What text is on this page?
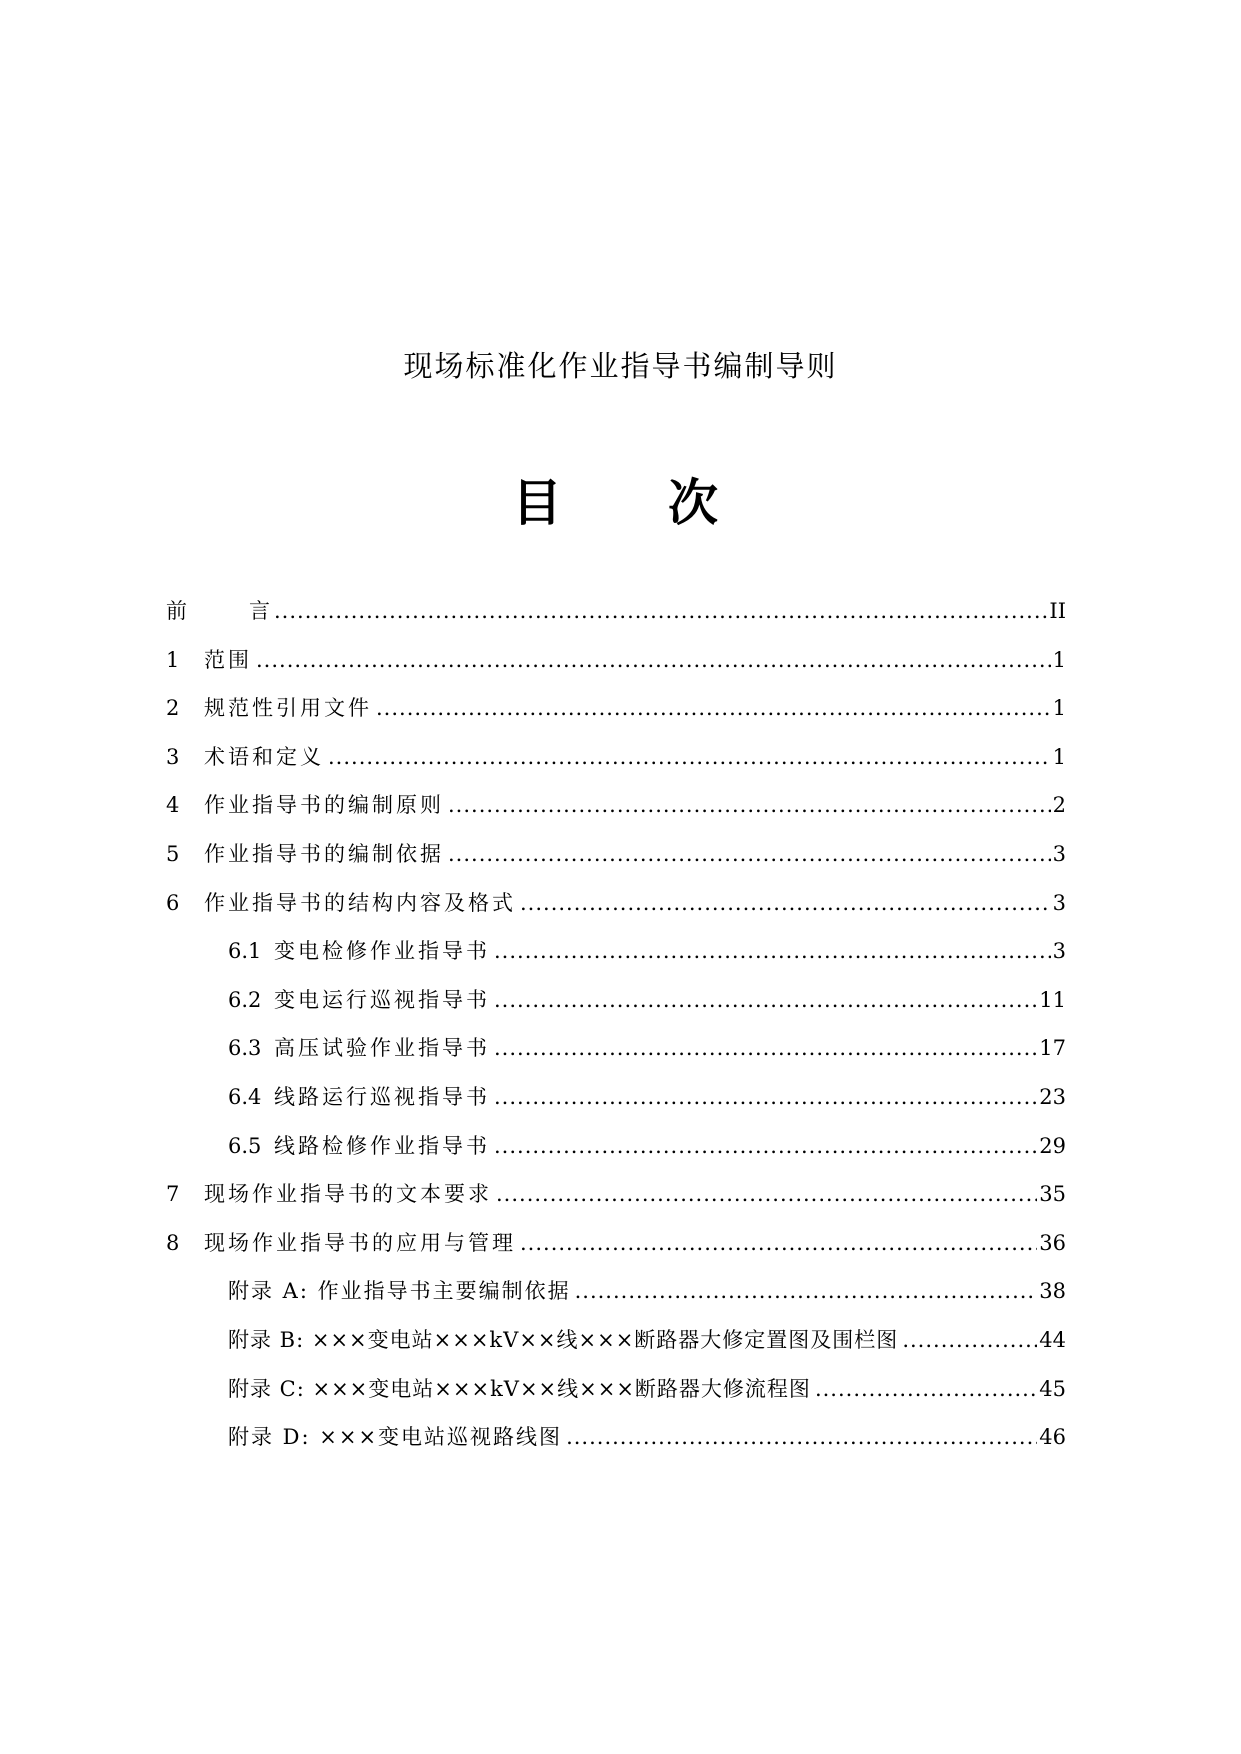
现场标准化作业指导书编制导则
目 次
前	言 .....	II
1	范围 .....	1
2	规范性引用文件 .....	1
3	术语和定义 .....	1
4	作业指导书的编制原则 .....	2
5	作业指导书的编制依据 .....	3
6	作业指导书的结构内容及格式 .....	3
6.1 变电检修作业指导书 .....	3
6.2 变电运行巡视指导书 .....	11
6.3 高压试验作业指导书 .....	17
6.4 线路运行巡视指导书 .....	23
6.5 线路检修作业指导书 .....	29
7	现场作业指导书的文本要求 .....	35
8	现场作业指导书的应用与管理 .....	36
附录 A: 作业指导书主要编制依据 .....	38
附录 B: ×××变电站×××kV××线×××断路器大修定置图及围栏图 .....	44
附录 C: ×××变电站×××kV××线×××断路器大修流程图 .....	45
附录 D: ×××变电站巡视路线图 .....	46
